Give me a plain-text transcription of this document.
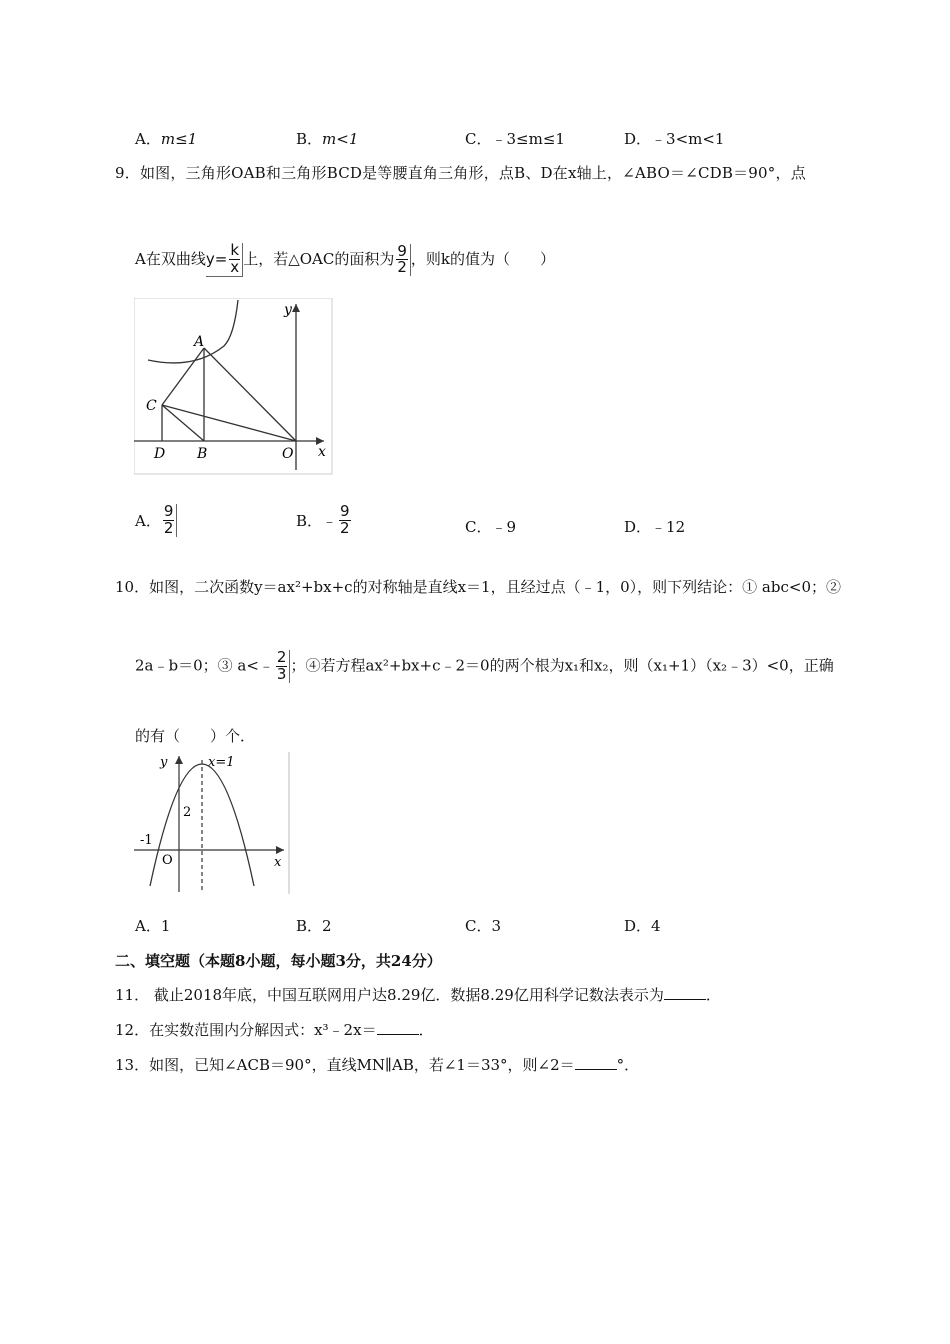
A．m≤1	B．m<1	C．﹣3≤m≤1	D．﹣3<m<1
9．如图，三角形OAB和三角形BCD是等腰直角三角形，点B、D在x轴上，∠ABO＝∠CDB＝90°，点
A在双曲线$y= \frac{k}{x}$ 上，若△OAC的面积为 $\frac{9}{2}$ ，则k的值为（　　）
y
x
A
C
D B	O
A． $\frac{9}{2}$	B．﹣ $\frac{9}{2}$	C．﹣9	D．﹣12
10．如图，二次函数y＝ax²+bx+c的对称轴是直线x＝1，且经过点（﹣1，0），则下列结论：① abc<0；②
2a﹣b＝0；③ a<﹣ $\frac{2}{3}$ ；④若方程ax²+bx+c﹣2＝0的两个根为x₁和x₂，则（x₁+1）（x₂﹣3）<0，正确
的有（　　）个．
y	x=1
2
-1
O	x
A．1	B．2	C．3	D．4
二、填空题（本题8小题，每小题3分，共24分）
11． 截止2018年底，中国互联网用户达8.29亿．数据8.29亿用科学记数法表示为	．
12．在实数范围内分解因式：x³﹣2x＝	．
13．如图，已知∠ACB＝90°，直线MN∥AB，若∠1＝33°，则∠2＝	°．
